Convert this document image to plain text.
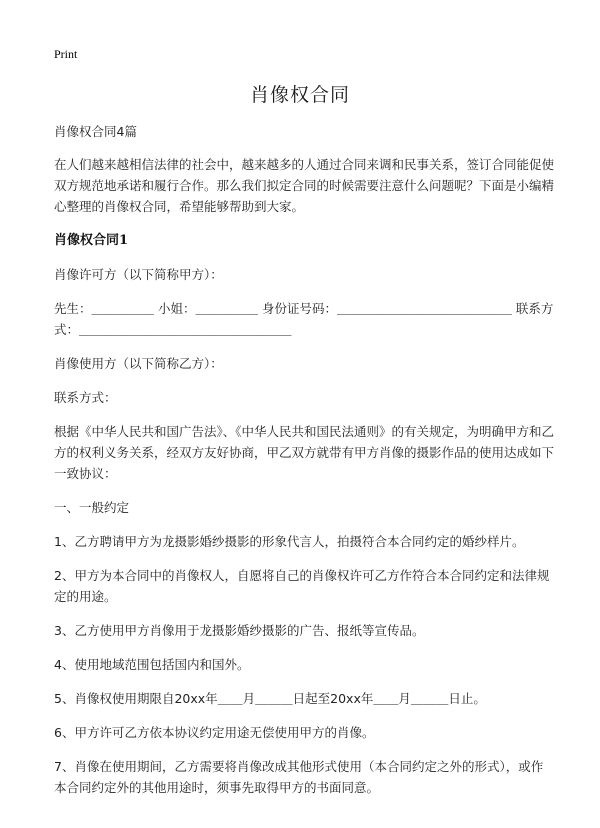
Print
肖像权合同

肖像权合同4篇

在人们越来越相信法律的社会中，越来越多的人通过合同来调和民事关系，签订合同能促使双方规范地承诺和履行合作。那么我们拟定合同的时候需要注意什么问题呢？下面是小编精心整理的肖像权合同，希望能够帮助到大家。

肖像权合同1

肖像许可方（以下简称甲方）：

先生：＿＿＿＿＿ 小姐：＿＿＿＿＿ 身份证号码：＿＿＿＿＿＿＿＿＿＿＿＿＿＿ 联系方式：＿＿＿＿＿＿＿＿＿＿＿＿＿＿＿＿＿

肖像使用方（以下简称乙方）：

联系方式：

根据《中华人民共和国广告法》、《中华人民共和国民法通则》的有关规定，为明确甲方和乙方的权利义务关系，经双方友好协商，甲乙双方就带有甲方肖像的摄影作品的使用达成如下一致协议：

一、一般约定

1、乙方聘请甲方为龙摄影婚纱摄影的形象代言人，拍摄符合本合同约定的婚纱样片。

2、甲方为本合同中的肖像权人，自愿将自己的肖像权许可乙方作符合本合同约定和法律规定的用途。

3、乙方使用甲方肖像用于龙摄影婚纱摄影的广告、报纸等宣传品。

4、使用地域范围包括国内和国外。

5、肖像权使用期限自20xx年＿＿月＿＿＿日起至20xx年＿＿月＿＿＿日止。

6、甲方许可乙方依本协议约定用途无偿使用甲方的肖像。

7、肖像在使用期间，乙方需要将肖像改成其他形式使用（本合同约定之外的形式），或作本合同约定外的其他用途时，须事先取得甲方的书面同意。
